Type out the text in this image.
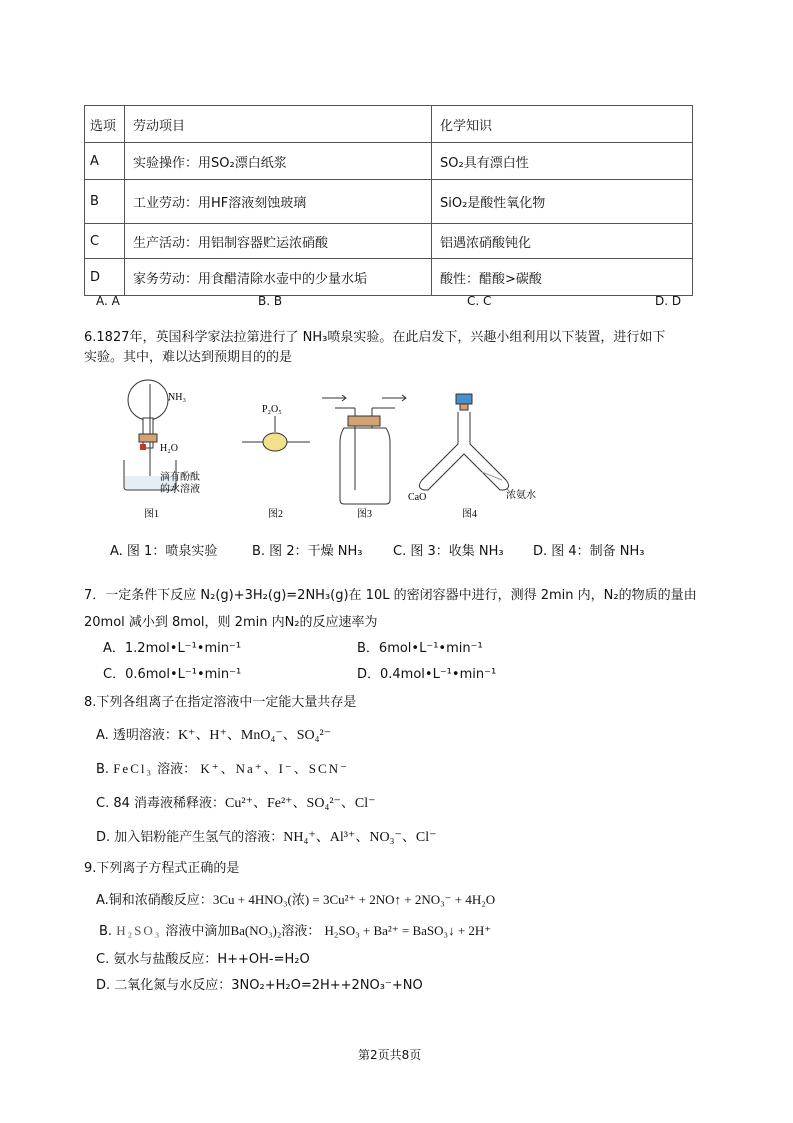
选项	劳动项目	化学知识
A	实验操作：用SO₂漂白纸浆	SO₂具有漂白性
B	工业劳动：用HF溶液刻蚀玻璃	SiO₂是酸性氧化物
C	生产活动：用铝制容器贮运浓硝酸	铝遇浓硝酸钝化
D	家务劳动：用食醋清除水壶中的少量水垢	酸性：醋酸>碳酸
A. A	B. B	C. C	D. D
6.1827年，英国科学家法拉第进行了 NH₃喷泉实验。在此启发下，兴趣小组利用以下装置，进行如下
实验。其中，难以达到预期目的的是
NH₃
H₂O
滴有酚酞
的水溶液
图1
P₂O₅
图2	图3
CaO	浓氨水
图4
A. 图 1：喷泉实验	B. 图 2：干燥 NH₃ C. 图 3：收集 NH₃ D. 图 4：制备 NH₃
7．一定条件下反应 N₂(g)+3H₂(g)=2NH₃(g)在 10L 的密闭容器中进行，测得 2min 内，N₂的物质的量由
20mol 减小到 8mol，则 2min 内N₂的反应速率为
A．1.2mol•L⁻¹•min⁻¹	B．6mol•L⁻¹•min⁻¹
C．0.6mol•L⁻¹•min⁻¹	D．0.4mol•L⁻¹•min⁻¹
8.下列各组离子在指定溶液中一定能大量共存是
A. 透明溶液：K⁺、H⁺、MnO₄⁻、SO₄²⁻
B. FeCl₃ 溶液： K⁺、Na⁺、I⁻、SCN⁻
C. 84 消毒液稀释液：Cu²⁺、Fe²⁺、SO₄²⁻、Cl⁻
D. 加入铝粉能产生氢气的溶液：NH₄⁺、Al³⁺、NO₃⁻、Cl⁻
9.下列离子方程式正确的是
A.铜和浓硝酸反应：3Cu + 4HNO₃(浓) = 3Cu²⁺ + 2NO↑ + 2NO₃⁻ + 4H₂O
B. H₂SO₃ 溶液中滴加Ba(NO₃)₂溶液： H₂SO₃ + Ba²⁺ = BaSO₃↓ + 2H⁺
C. 氨水与盐酸反应：H++OH-=H₂O
D. 二氧化氮与水反应：3NO₂+H₂O=2H++2NO₃⁻+NO
第2页共8页
